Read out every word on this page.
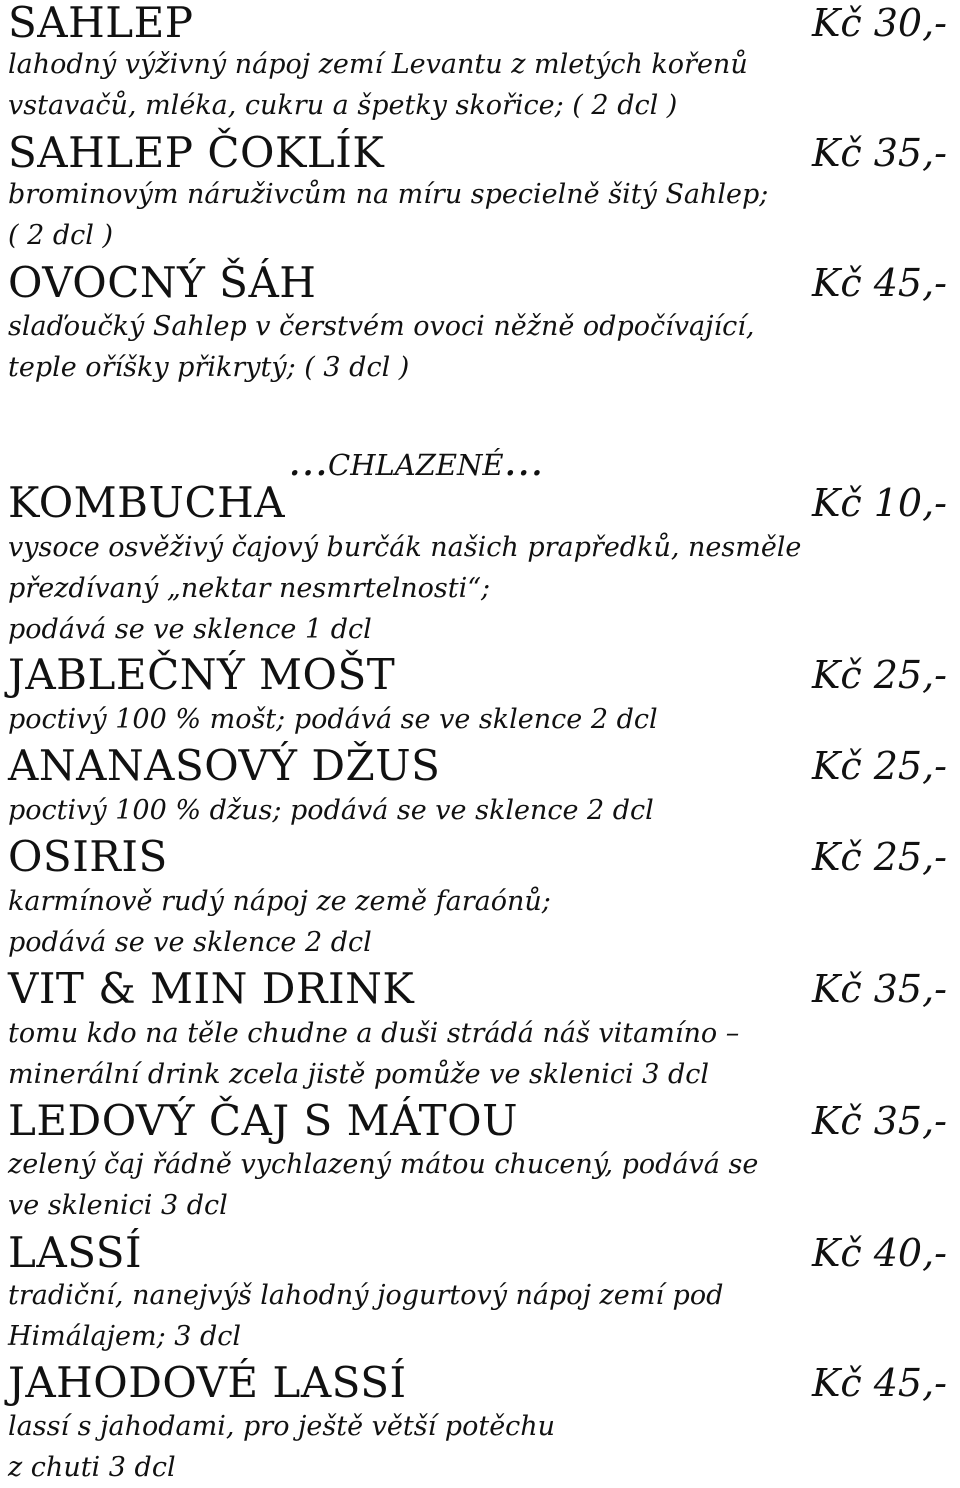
SAHLEP	Kč 30,-
lahodný výživný nápoj zemí Levantu z mletých kořenů
vstavačů, mléka, cukru a špetky skořice; ( 2 dcl )
SAHLEP ČOKLÍK	Kč 35,-
brominovým náruživcům na míru specielně šitý Sahlep;
( 2 dcl )
OVOCNÝ ŠÁH	Kč 45,-
slaďoučký Sahlep v čerstvém ovoci něžně odpočívající,
teple oříšky přikrytý; ( 3 dcl )
...chlazené...
KOMBUCHA	Kč 10,-
vysoce osvěživý čajový burčák našich prapředků, nesměle
přezdívaný „nektar nesmrtelnosti“;
podává se ve sklence 1 dcl
JABLEČNÝ MOŠT	Kč 25,-
poctivý 100 % mošt; podává se ve sklence 2 dcl
ANANASOVÝ DŽUS	Kč 25,-
poctivý 100 % džus; podává se ve sklence 2 dcl
OSIRIS	Kč 25,-
karmínově rudý nápoj ze země faraónů;
podává se ve sklence 2 dcl
VIT & MIN DRINK	Kč 35,-
tomu kdo na těle chudne a duši strádá náš vitamíno –
minerální drink zcela jistě pomůže ve sklenici 3 dcl
LEDOVÝ ČAJ S MÁTOU	Kč 35,-
zelený čaj řádně vychlazený mátou chucený, podává se
ve sklenici 3 dcl
LASSÍ	Kč 40,-
tradiční, nanejvýš lahodný jogurtový nápoj zemí pod
Himálajem; 3 dcl
JAHODOVÉ LASSÍ	Kč 45,-
lassí s jahodami, pro ještě větší potěchu
z chuti 3 dcl
